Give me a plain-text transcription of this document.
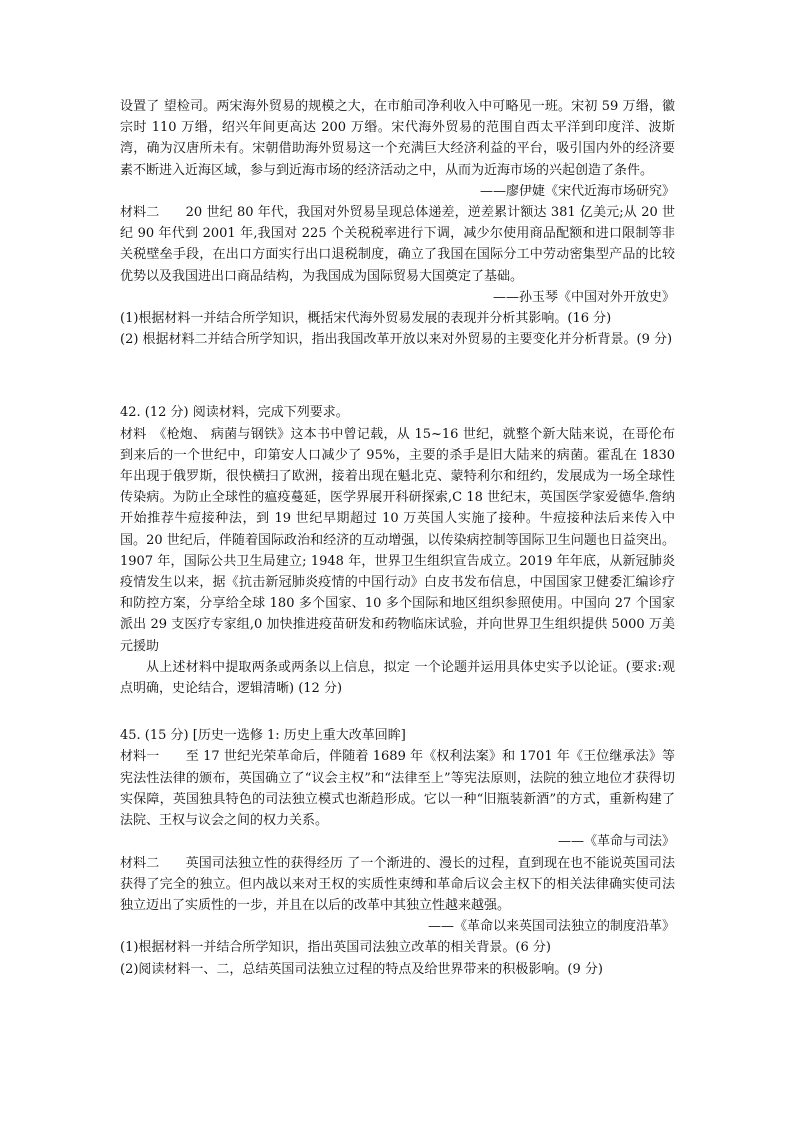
设置了 望检司。两宋海外贸易的规模之大，在市舶司净利收入中可略见一班。宋初 59 万缗，徽宗时 110 万缗，绍兴年间更高达 200 万缗。宋代海外贸易的范围自西太平洋到印度洋、波斯湾，确为汉唐所未有。宋朝借助海外贸易这一个充满巨大经济利益的平台，吸引国内外的经济要素不断进入近海区域，参与到近海市场的经济活动之中，从而为近海市场的兴起创造了条件。

——廖伊婕《宋代近海市场研究》

材料二　　20 世纪 80 年代，我国对外贸易呈现总体递差，逆差累计额达 381 亿美元;从 20 世纪 90 年代到 2001 年,我国对 225 个关税税率进行下调，减少尔使用商品配额和进口限制等非关税壁垒手段，在出口方面实行出口退税制度，确立了我国在国际分工中劳动密集型产品的比较优势以及我国进出口商品结构，为我国成为国际贸易大国奠定了基础。

——孙玉琴《中国对外开放史》

(1)根据材料一并结合所学知识，概括宋代海外贸易发展的表现并分析其影响。(16 分)

(2) 根据材料二并结合所学知识，指出我国改革开放以来对外贸易的主要变化并分析背景。(9 分)

42. (12 分) 阅读材料，完成下列要求。

材料　《枪炮、 病菌与钢铁》这本书中曾记载，从 15~16 世纪，就整个新大陆来说，在哥伦布到来后的一个世纪中，印第安人口减少了 95%，主要的杀手是旧大陆来的病菌。霍乱在 1830 年出现于俄罗斯，很快横扫了欧洲，接着出现在魁北克、蒙特利尔和纽约，发展成为一场全球性传染病。为防止全球性的瘟疫蔓延，医学界展开科研探索,C 18 世纪末，英国医学家爱德华.詹纳开始推荐牛痘接种法，到 19 世纪早期超过 10 万英国人实施了接种。牛痘接种法后来传入中国。20 世纪后，伴随着国际政治和经济的互动增强，以传染病控制等国际卫生问题也日益突出。 1907 年，国际公共卫生局建立; 1948 年，世界卫生组织宣告成立。2019 年年底，从新冠肺炎疫情发生以来，据《抗击新冠肺炎疫情的中国行动》白皮书发布信息，中国国家卫健委汇编诊疗和防控方案，分享给全球 180 多个国家、10 多个国际和地区组织参照使用。中国向 27 个国家派出 29 支医疗专家组,0 加快推进疫苗研发和药物临床试验，并向世界卫生组织提供 5000 万美元援助

从上述材料中提取两条或两条以上信息，拟定 一个论题并运用具体史实予以论证。(要求:观点明确，史论结合，逻辑清晰) (12 分)

45. (15 分) [历史一选修 1: 历史上重大改革回眸]

材料一　　至 17 世纪光荣革命后，伴随着 1689 年《权利法案》和 1701 年《王位继承法》等宪法性法律的颁布，英国确立了“议会主权”和“法律至上”等宪法原则，法院的独立地位才获得切实保障，英国独具特色的司法独立模式也渐趋形成。它以一种“旧瓶装新酒”的方式，重新构建了法院、王权与议会之间的权力关系。

——《革命与司法》

材料二　　英国司法独立性的获得经历 了一个渐进的、漫长的过程，直到现在也不能说英国司法获得了完全的独立。但内战以来对王权的实质性束缚和革命后议会主权下的相关法律确实使司法独立迈出了实质性的一步，并且在以后的改革中其独立性越来越强。

——《革命以来英国司法独立的制度沿革》

(1)根据材料一并结合所学知识，指出英国司法独立改革的相关背景。(6 分)

(2)阅读材料一、二，总结英国司法独立过程的特点及给世界带来的积极影响。(9 分)
